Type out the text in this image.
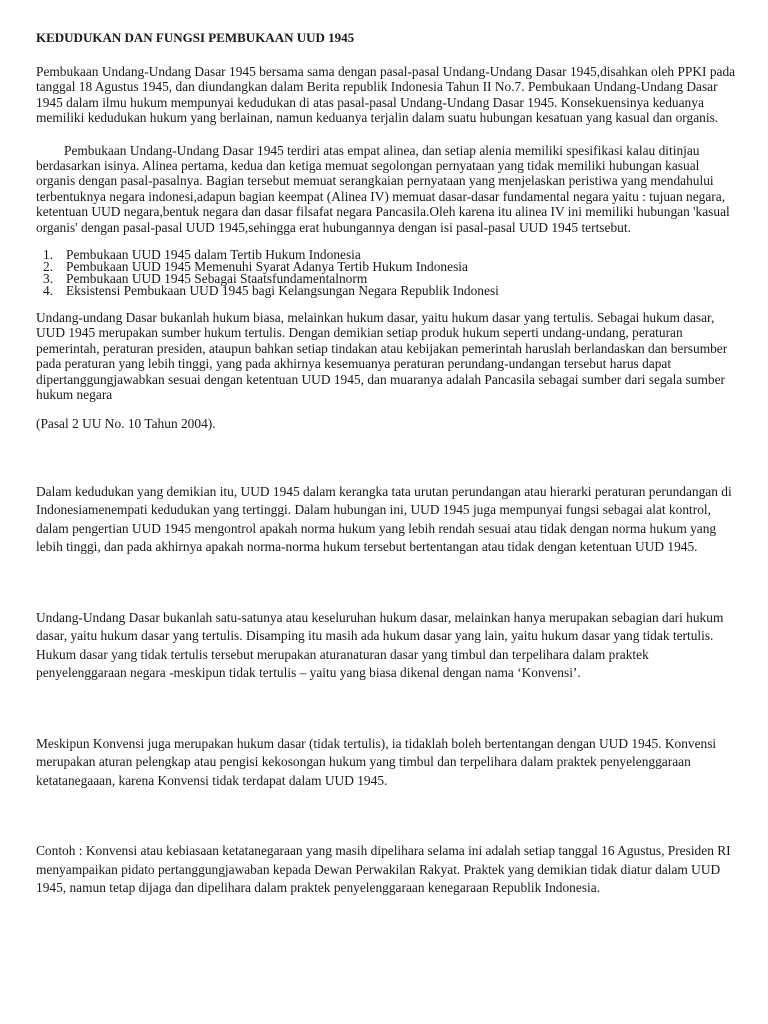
KEDUDUKAN DAN FUNGSI PEMBUKAAN UUD 1945

Pembukaan Undang-Undang Dasar 1945 bersama sama dengan pasal-pasal Undang-Undang Dasar 1945,disahkan oleh PPKI pada tanggal 18 Agustus 1945, dan diundangkan dalam Berita republik Indonesia Tahun II No.7. Pembukaan Undang-Undang Dasar 1945 dalam ilmu hukum mempunyai kedudukan di atas pasal-pasal Undang-Undang Dasar 1945. Konsekuensinya keduanya memiliki kedudukan hukum yang berlainan, namun keduanya terjalin dalam suatu hubungan kesatuan yang kasual dan organis.

Pembukaan Undang-Undang Dasar 1945 terdiri atas empat alinea, dan setiap alenia memiliki spesifikasi kalau ditinjau berdasarkan isinya. Alinea pertama, kedua dan ketiga memuat segolongan pernyataan yang tidak memiliki hubungan kasual organis dengan pasal-pasalnya. Bagian tersebut memuat serangkaian pernyataan yang menjelaskan peristiwa yang mendahului terbentuknya negara indonesi,adapun bagian keempat (Alinea IV) memuat dasar-dasar fundamental negara yaitu : tujuan negara, ketentuan UUD negara,bentuk negara dan dasar filsafat negara Pancasila.Oleh karena itu alinea IV ini memiliki hubungan 'kasual organis' dengan pasal-pasal UUD 1945,sehingga erat hubungannya dengan isi pasal-pasal UUD 1945 tertsebut.

1. Pembukaan UUD 1945 dalam Tertib Hukum Indonesia
2. Pembukaan UUD 1945 Memenuhi Syarat Adanya Tertib Hukum Indonesia
3. Pembukaan UUD 1945 Sebagai Staatsfundamentalnorm
4. Eksistensi Pembukaan UUD 1945 bagi Kelangsungan Negara Republik Indonesi

Undang-undang Dasar bukanlah hukum biasa, melainkan hukum dasar, yaitu hukum dasar yang tertulis. Sebagai hukum dasar, UUD 1945 merupakan sumber hukum tertulis. Dengan demikian setiap produk hukum seperti undang-undang, peraturan pemerintah, peraturan presiden, ataupun bahkan setiap tindakan atau kebijakan pemerintah haruslah berlandaskan dan bersumber pada peraturan yang lebih tinggi, yang pada akhirnya kesemuanya peraturan perundang-undangan tersebut harus dapat dipertanggungjawabkan sesuai dengan ketentuan UUD 1945, dan muaranya adalah Pancasila sebagai sumber dari segala sumber hukum negara

(Pasal 2 UU No. 10 Tahun 2004).

Dalam kedudukan yang demikian itu, UUD 1945 dalam kerangka tata urutan perundangan atau hierarki peraturan perundangan di Indonesiamenempati kedudukan yang tertinggi. Dalam hubungan ini, UUD 1945 juga mempunyai fungsi sebagai alat kontrol, dalam pengertian UUD 1945 mengontrol apakah norma hukum yang lebih rendah sesuai atau tidak dengan norma hukum yang lebih tinggi, dan pada akhirnya apakah norma-norma hukum tersebut bertentangan atau tidak dengan ketentuan UUD 1945.

Undang-Undang Dasar bukanlah satu-satunya atau keseluruhan hukum dasar, melainkan hanya merupakan sebagian dari hukum dasar, yaitu hukum dasar yang tertulis. Disamping itu masih ada hukum dasar yang lain, yaitu hukum dasar yang tidak tertulis. Hukum dasar yang tidak tertulis tersebut merupakan aturanaturan dasar yang timbul dan terpelihara dalam praktek penyelenggaraan negara -meskipun tidak tertulis – yaitu yang biasa dikenal dengan nama ‘Konvensi’.

Meskipun Konvensi juga merupakan hukum dasar (tidak tertulis), ia tidaklah boleh bertentangan dengan UUD 1945. Konvensi merupakan aturan pelengkap atau pengisi kekosongan hukum yang timbul dan terpelihara dalam praktek penyelenggaraan ketatanegaaan, karena Konvensi tidak terdapat dalam UUD 1945.

Contoh : Konvensi atau kebiasaan ketatanegaraan yang masih dipelihara selama ini adalah setiap tanggal 16 Agustus, Presiden RI menyampaikan pidato pertanggungjawaban kepada Dewan Perwakilan Rakyat. Praktek yang demikian tidak diatur dalam UUD 1945, namun tetap dijaga dan dipelihara dalam praktek penyelenggaraan kenegaraan Republik Indonesia.
